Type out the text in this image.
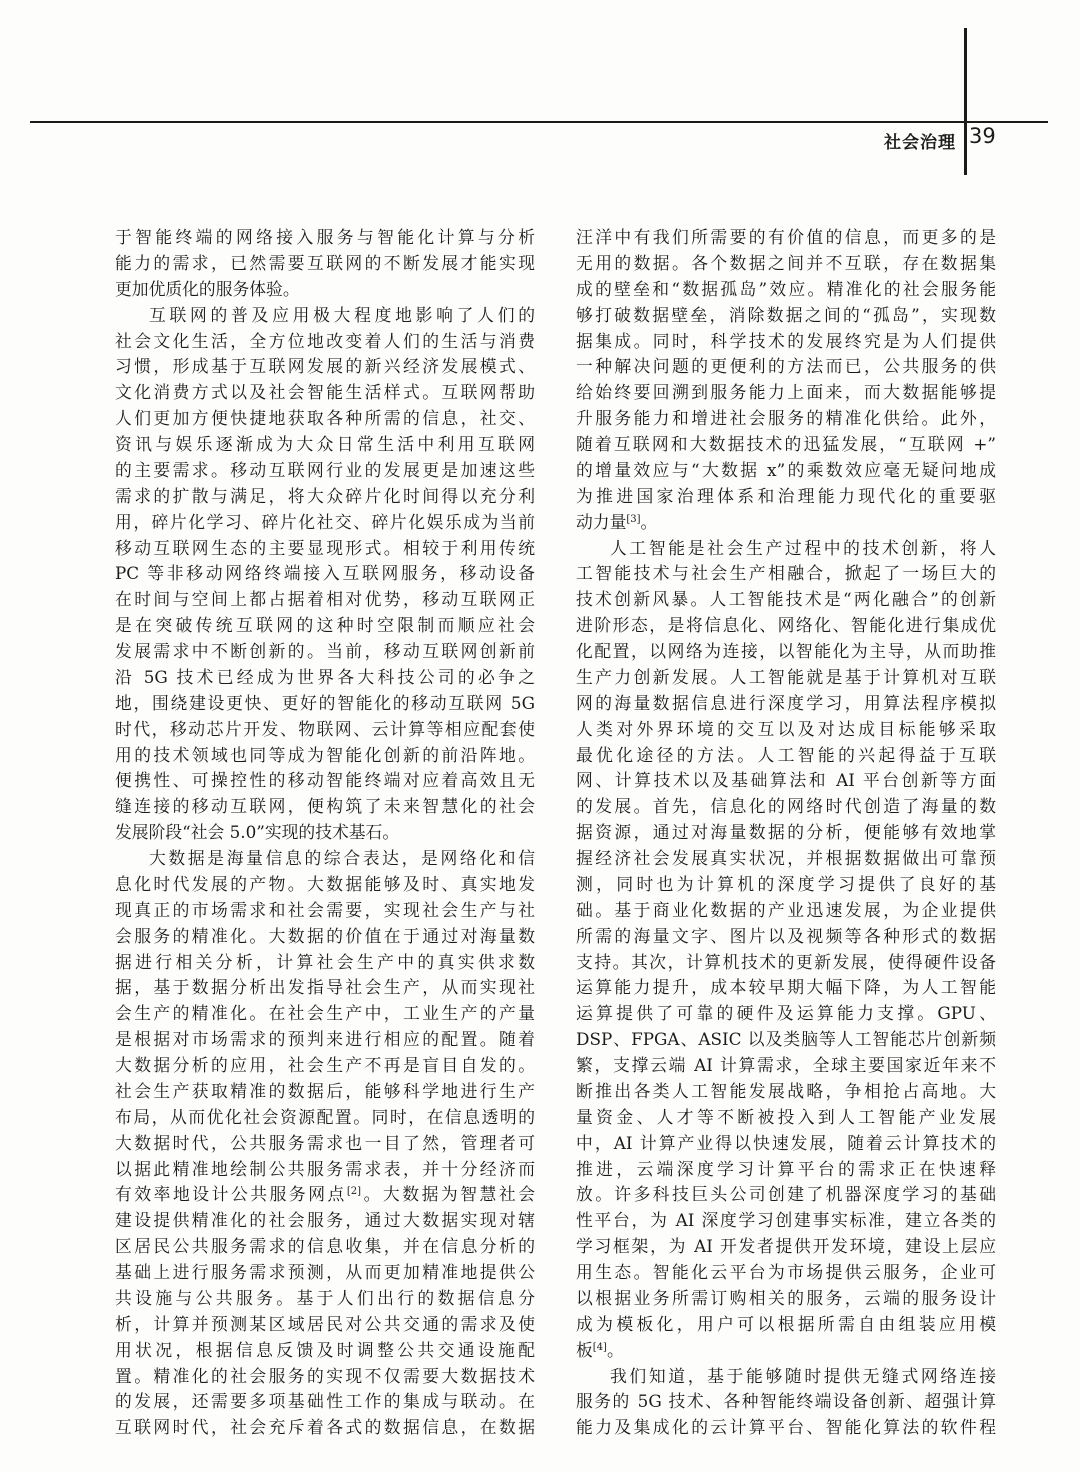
社会治理 39
于智能终端的网络接入服务与智能化计算与分析
能力的需求，已然需要互联网的不断发展才能实现
更加优质化的服务体验。
互联网的普及应用极大程度地影响了人们的
社会文化生活，全方位地改变着人们的生活与消费
习惯，形成基于互联网发展的新兴经济发展模式、
文化消费方式以及社会智能生活样式。互联网帮助
人们更加方便快捷地获取各种所需的信息，社交、
资讯与娱乐逐渐成为大众日常生活中利用互联网
的主要需求。移动互联网行业的发展更是加速这些
需求的扩散与满足，将大众碎片化时间得以充分利
用，碎片化学习、碎片化社交、碎片化娱乐成为当前
移动互联网生态的主要显现形式。相较于利用传统
PC 等非移动网络终端接入互联网服务，移动设备
在时间与空间上都占据着相对优势，移动互联网正
是在突破传统互联网的这种时空限制而顺应社会
发展需求中不断创新的。当前，移动互联网创新前
沿 5G 技术已经成为世界各大科技公司的必争之
地，围绕建设更快、更好的智能化的移动互联网 5G
时代，移动芯片开发、物联网、云计算等相应配套使
用的技术领域也同等成为智能化创新的前沿阵地。
便携性、可操控性的移动智能终端对应着高效且无
缝连接的移动互联网，便构筑了未来智慧化的社会
发展阶段“社会 5.0”实现的技术基石。
大数据是海量信息的综合表达，是网络化和信
息化时代发展的产物。大数据能够及时、真实地发
现真正的市场需求和社会需要，实现社会生产与社
会服务的精准化。大数据的价值在于通过对海量数
据进行相关分析，计算社会生产中的真实供求数
据，基于数据分析出发指导社会生产，从而实现社
会生产的精准化。在社会生产中，工业生产的产量
是根据对市场需求的预判来进行相应的配置。随着
大数据分析的应用，社会生产不再是盲目自发的。
社会生产获取精准的数据后，能够科学地进行生产
布局，从而优化社会资源配置。同时，在信息透明的
大数据时代，公共服务需求也一目了然，管理者可
以据此精准地绘制公共服务需求表，并十分经济而
有效率地设计公共服务网点[2]。大数据为智慧社会
建设提供精准化的社会服务，通过大数据实现对辖
区居民公共服务需求的信息收集，并在信息分析的
基础上进行服务需求预测，从而更加精准地提供公
共设施与公共服务。基于人们出行的数据信息分
析，计算并预测某区域居民对公共交通的需求及使
用状况，根据信息反馈及时调整公共交通设施配
置。精准化的社会服务的实现不仅需要大数据技术
的发展，还需要多项基础性工作的集成与联动。在
互联网时代，社会充斥着各式的数据信息，在数据
汪洋中有我们所需要的有价值的信息，而更多的是
无用的数据。各个数据之间并不互联，存在数据集
成的壁垒和“数据孤岛”效应。精准化的社会服务能
够打破数据壁垒，消除数据之间的“孤岛”，实现数
据集成。同时，科学技术的发展终究是为人们提供
一种解决问题的更便利的方法而已，公共服务的供
给始终要回溯到服务能力上面来，而大数据能够提
升服务能力和增进社会服务的精准化供给。此外，
随着互联网和大数据技术的迅猛发展，“互联网 +”
的增量效应与“大数据 x”的乘数效应毫无疑问地成
为推进国家治理体系和治理能力现代化的重要驱
动力量[3]。
人工智能是社会生产过程中的技术创新，将人
工智能技术与社会生产相融合，掀起了一场巨大的
技术创新风暴。人工智能技术是“两化融合”的创新
进阶形态，是将信息化、网络化、智能化进行集成优
化配置，以网络为连接，以智能化为主导，从而助推
生产力创新发展。人工智能就是基于计算机对互联
网的海量数据信息进行深度学习，用算法程序模拟
人类对外界环境的交互以及对达成目标能够采取
最优化途径的方法。人工智能的兴起得益于互联
网、计算技术以及基础算法和 AI 平台创新等方面
的发展。首先，信息化的网络时代创造了海量的数
据资源，通过对海量数据的分析，便能够有效地掌
握经济社会发展真实状况，并根据数据做出可靠预
测，同时也为计算机的深度学习提供了良好的基
础。基于商业化数据的产业迅速发展，为企业提供
所需的海量文字、图片以及视频等各种形式的数据
支持。其次，计算机技术的更新发展，使得硬件设备
运算能力提升，成本较早期大幅下降，为人工智能
运算提供了可靠的硬件及运算能力支撑。GPU、
DSP、FPGA、ASIC 以及类脑等人工智能芯片创新频
繁，支撑云端 AI 计算需求，全球主要国家近年来不
断推出各类人工智能发展战略，争相抢占高地。大
量资金、人才等不断被投入到人工智能产业发展
中，AI 计算产业得以快速发展，随着云计算技术的
推进，云端深度学习计算平台的需求正在快速释
放。许多科技巨头公司创建了机器深度学习的基础
性平台，为 AI 深度学习创建事实标准，建立各类的
学习框架，为 AI 开发者提供开发环境，建设上层应
用生态。智能化云平台为市场提供云服务，企业可
以根据业务所需订购相关的服务，云端的服务设计
成为模板化，用户可以根据所需自由组装应用模
板[4]。
我们知道，基于能够随时提供无缝式网络连接
服务的 5G 技术、各种智能终端设备创新、超强计算
能力及集成化的云计算平台、智能化算法的软件程
